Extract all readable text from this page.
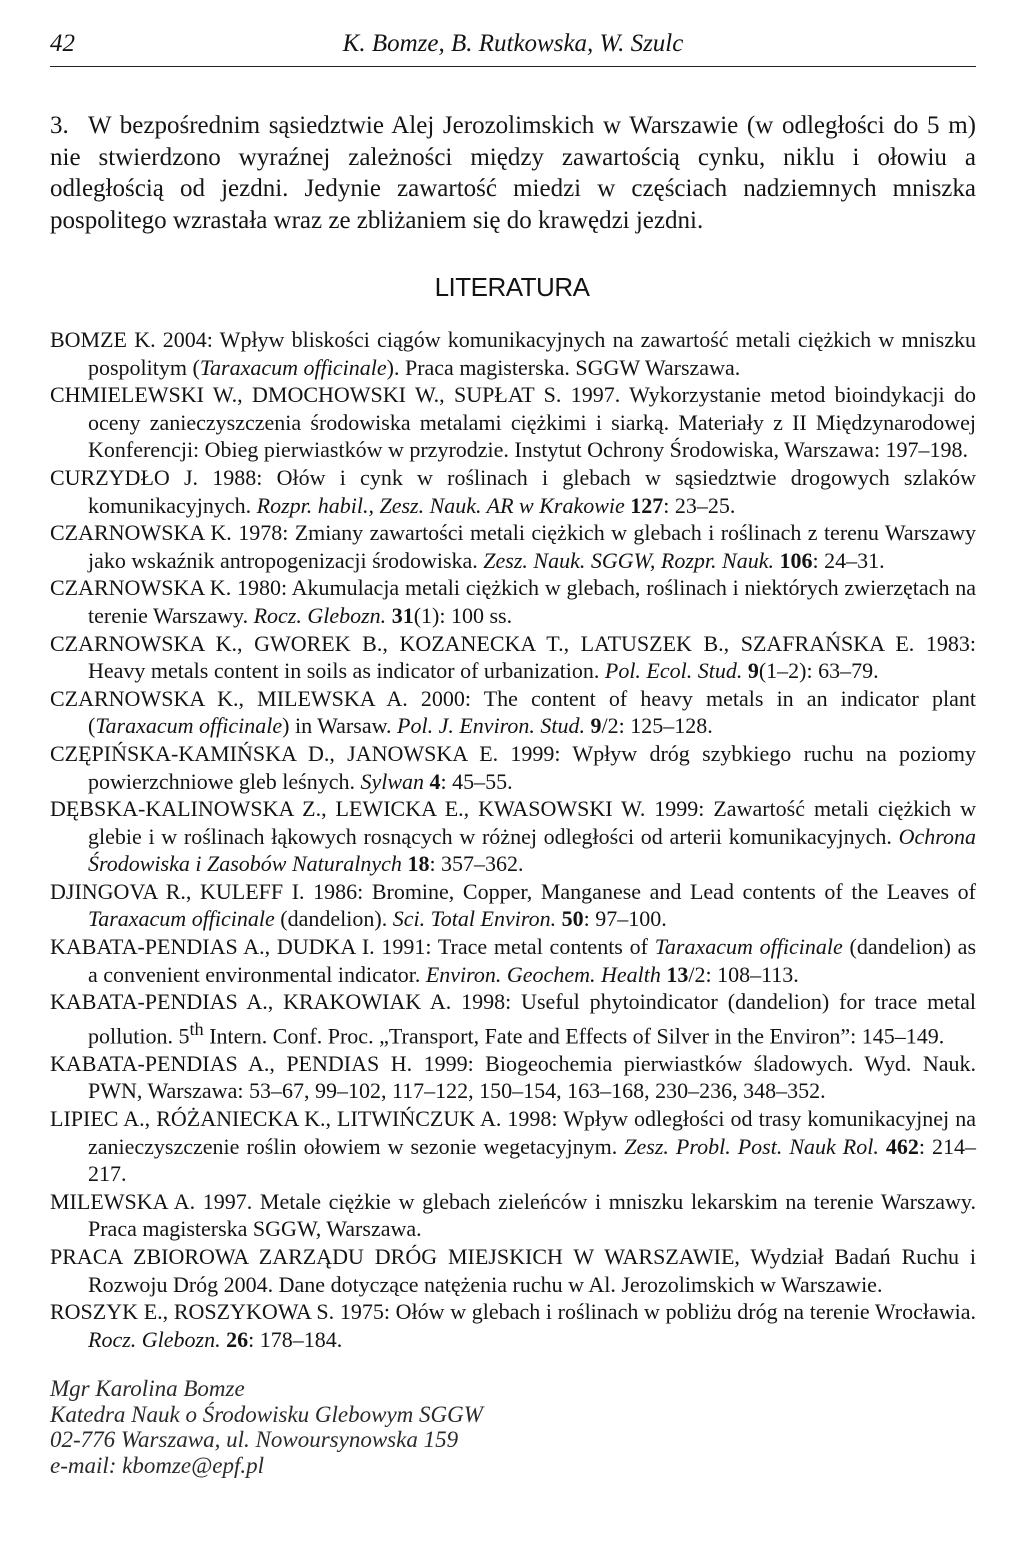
42	K. Bomze, B. Rutkowska, W. Szulc

3. W bezpośrednim sąsiedztwie Alej Jerozolimskich w Warszawie (w odległości do 5 m) nie stwierdzono wyraźnej zależności między zawartością cynku, niklu i ołowiu a odległością od jezdni. Jedynie zawartość miedzi w częściach nadziemnych mniszka pospolitego wzrastała wraz ze zbliżaniem się do krawędzi jezdni.

LITERATURA

BOMZE K. 2004: Wpływ bliskości ciągów komunikacyjnych na zawartość metali ciężkich w mniszku pospolitym (Taraxacum officinale). Praca magisterska. SGGW Warszawa.

CHMIELEWSKI W., DMOCHOWSKI W., SUPŁAT S. 1997. Wykorzystanie metod bioindykacji do oceny zanieczyszczenia środowiska metalami ciężkimi i siarką. Materiały z II Międzynarodowej Konferencji: Obieg pierwiastków w przyrodzie. Instytut Ochrony Środowiska, Warszawa: 197–198.

CURZYDŁO J. 1988: Ołów i cynk w roślinach i glebach w sąsiedztwie drogowych szlaków komunikacyjnych. Rozpr. habil., Zesz. Nauk. AR w Krakowie 127: 23–25.

CZARNOWSKA K. 1978: Zmiany zawartości metali ciężkich w glebach i roślinach z terenu Warszawy jako wskaźnik antropogenizacji środowiska. Zesz. Nauk. SGGW, Rozpr. Nauk. 106: 24–31.

CZARNOWSKA K. 1980: Akumulacja metali ciężkich w glebach, roślinach i niektórych zwierzętach na terenie Warszawy. Rocz. Glebozn. 31(1): 100 ss.

CZARNOWSKA K., GWOREK B., KOZANECKA T., LATUSZEK B., SZAFRAŃSKA E. 1983: Heavy metals content in soils as indicator of urbanization. Pol. Ecol. Stud. 9(1–2): 63–79.

CZARNOWSKA K., MILEWSKA A. 2000: The content of heavy metals in an indicator plant (Taraxacum officinale) in Warsaw. Pol. J. Environ. Stud. 9/2: 125–128.

CZĘPIŃSKA-KAMIŃSKA D., JANOWSKA E. 1999: Wpływ dróg szybkiego ruchu na poziomy powierzchniowe gleb leśnych. Sylwan 4: 45–55.

DĘBSKA-KALINOWSKA Z., LEWICKA E., KWASOWSKI W. 1999: Zawartość metali ciężkich w glebie i w roślinach łąkowych rosnących w różnej odległości od arterii komunikacyjnych. Ochrona Środowiska i Zasobów Naturalnych 18: 357–362.

DJINGOVA R., KULEFF I. 1986: Bromine, Copper, Manganese and Lead contents of the Leaves of Taraxacum officinale (dandelion). Sci. Total Environ. 50: 97–100.

KABATA-PENDIAS A., DUDKA I. 1991: Trace metal contents of Taraxacum officinale (dandelion) as a convenient environmental indicator. Environ. Geochem. Health 13/2: 108–113.

KABATA-PENDIAS A., KRAKOWIAK A. 1998: Useful phytoindicator (dandelion) for trace metal pollution. 5th Intern. Conf. Proc. „Transport, Fate and Effects of Silver in the Environ”: 145–149.

KABATA-PENDIAS A., PENDIAS H. 1999: Biogeochemia pierwiastków śladowych. Wyd. Nauk. PWN, Warszawa: 53–67, 99–102, 117–122, 150–154, 163–168, 230–236, 348–352.

LIPIEC A., RÓŻANIECKA K., LITWIŃCZUK A. 1998: Wpływ odległości od trasy komunikacyjnej na zanieczyszczenie roślin ołowiem w sezonie wegetacyjnym. Zesz. Probl. Post. Nauk Rol. 462: 214–217.

MILEWSKA A. 1997. Metale ciężkie w glebach zieleńców i mniszku lekarskim na terenie Warszawy. Praca magisterska SGGW, Warszawa.

PRACA ZBIOROWA ZARZĄDU DRÓG MIEJSKICH W WARSZAWIE, Wydział Badań Ruchu i Rozwoju Dróg 2004. Dane dotyczące natężenia ruchu w Al. Jerozolimskich w Warszawie.

ROSZYK E., ROSZYKOWA S. 1975: Ołów w glebach i roślinach w pobliżu dróg na terenie Wrocławia. Rocz. Glebozn. 26: 178–184.

Mgr Karolina Bomze
Katedra Nauk o Środowisku Glebowym SGGW
02-776 Warszawa, ul. Nowoursynowska 159
e-mail: kbomze@epf.pl
